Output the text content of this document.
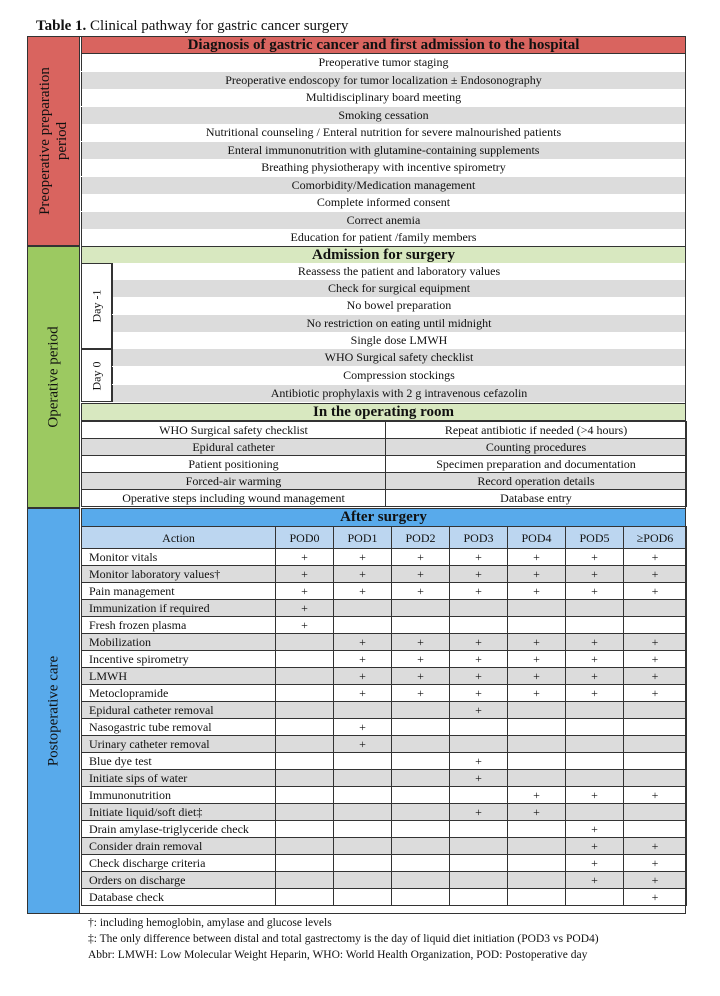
Table 1. Clinical pathway for gastric cancer surgery
Preoperative preparation
period
Diagnosis of gastric cancer and first admission to the hospital
Preoperative tumor staging
Preoperative endoscopy for tumor localization ± Endosonography
Multidisciplinary board meeting
Smoking cessation
Nutritional counseling / Enteral nutrition for severe malnourished patients
Enteral immunonutrition with glutamine-containing supplements
Breathing physiotherapy with incentive spirometry
Comorbidity/Medication management
Complete informed consent
Correct anemia
Education for patient /family members
Operative period
Admission for surgery
Day -1
Reassess the patient and laboratory values
Check for surgical equipment
No bowel preparation
No restriction on eating until midnight
Single dose LMWH
Day 0
WHO Surgical safety checklist
Compression stockings
Antibiotic prophylaxis with 2 g intravenous cefazolin
In the operating room
WHO Surgical safety checklist	Repeat antibiotic if needed (>4 hours)
Epidural catheter	Counting procedures
Patient positioning	Specimen preparation and documentation
Forced-air warming	Record operation details
Operative steps including wound management	Database entry
Postoperative care
After surgery
Action	POD0	POD1	POD2	POD3	POD4	POD5	≥POD6
Monitor vitals	+	+	+	+	+	+	+
Monitor laboratory values†	+	+	+	+	+	+	+
Pain management	+	+	+	+	+	+	+
Immunization if required	+						
Fresh frozen plasma	+						
Mobilization		+	+	+	+	+	+
Incentive spirometry		+	+	+	+	+	+
LMWH		+	+	+	+	+	+
Metoclopramide		+	+	+	+	+	+
Epidural catheter removal				+			
Nasogastric tube removal		+					
Urinary catheter removal		+					
Blue dye test				+			
Initiate sips of water				+			
Immunonutrition					+	+	+
Initiate liquid/soft diet‡				+	+		
Drain amylase-triglyceride check						+	
Consider drain removal						+	+
Check discharge criteria						+	+
Orders on discharge						+	+
Database check							+
†: including hemoglobin, amylase and glucose levels
‡: The only difference between distal and total gastrectomy is the day of liquid diet initiation (POD3 vs POD4)
Abbr: LMWH: Low Molecular Weight Heparin, WHO: World Health Organization, POD: Postoperative day
